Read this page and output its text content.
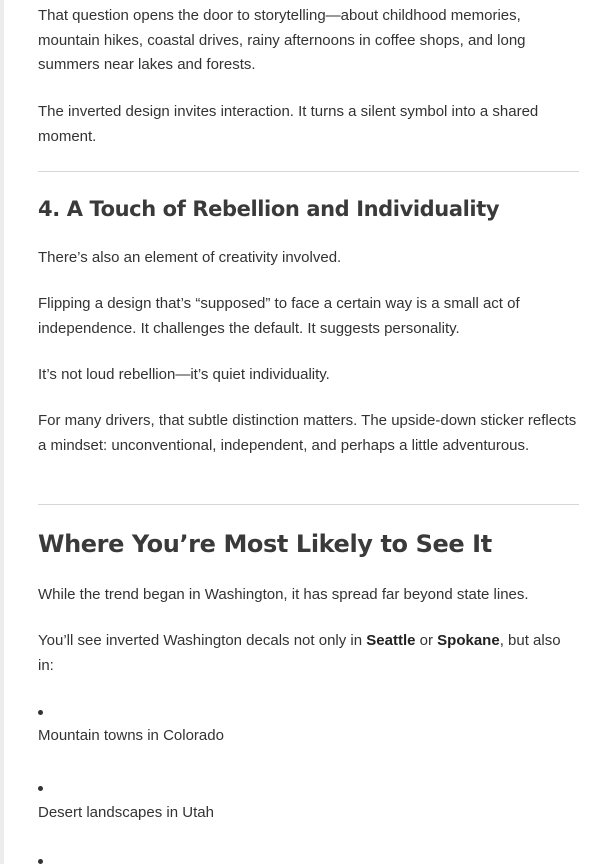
That question opens the door to storytelling—about childhood memories, mountain hikes, coastal drives, rainy afternoons in coffee shops, and long summers near lakes and forests.

The inverted design invites interaction. It turns a silent symbol into a shared moment.

4. A Touch of Rebellion and Individuality

There’s also an element of creativity involved.

Flipping a design that’s “supposed” to face a certain way is a small act of independence. It challenges the default. It suggests personality.

It’s not loud rebellion—it’s quiet individuality.

For many drivers, that subtle distinction matters. The upside-down sticker reflects a mindset: unconventional, independent, and perhaps a little adventurous.

Where You’re Most Likely to See It

While the trend began in Washington, it has spread far beyond state lines.

You’ll see inverted Washington decals not only in Seattle or Spokane, but also in:

Mountain towns in Colorado

Desert landscapes in Utah
